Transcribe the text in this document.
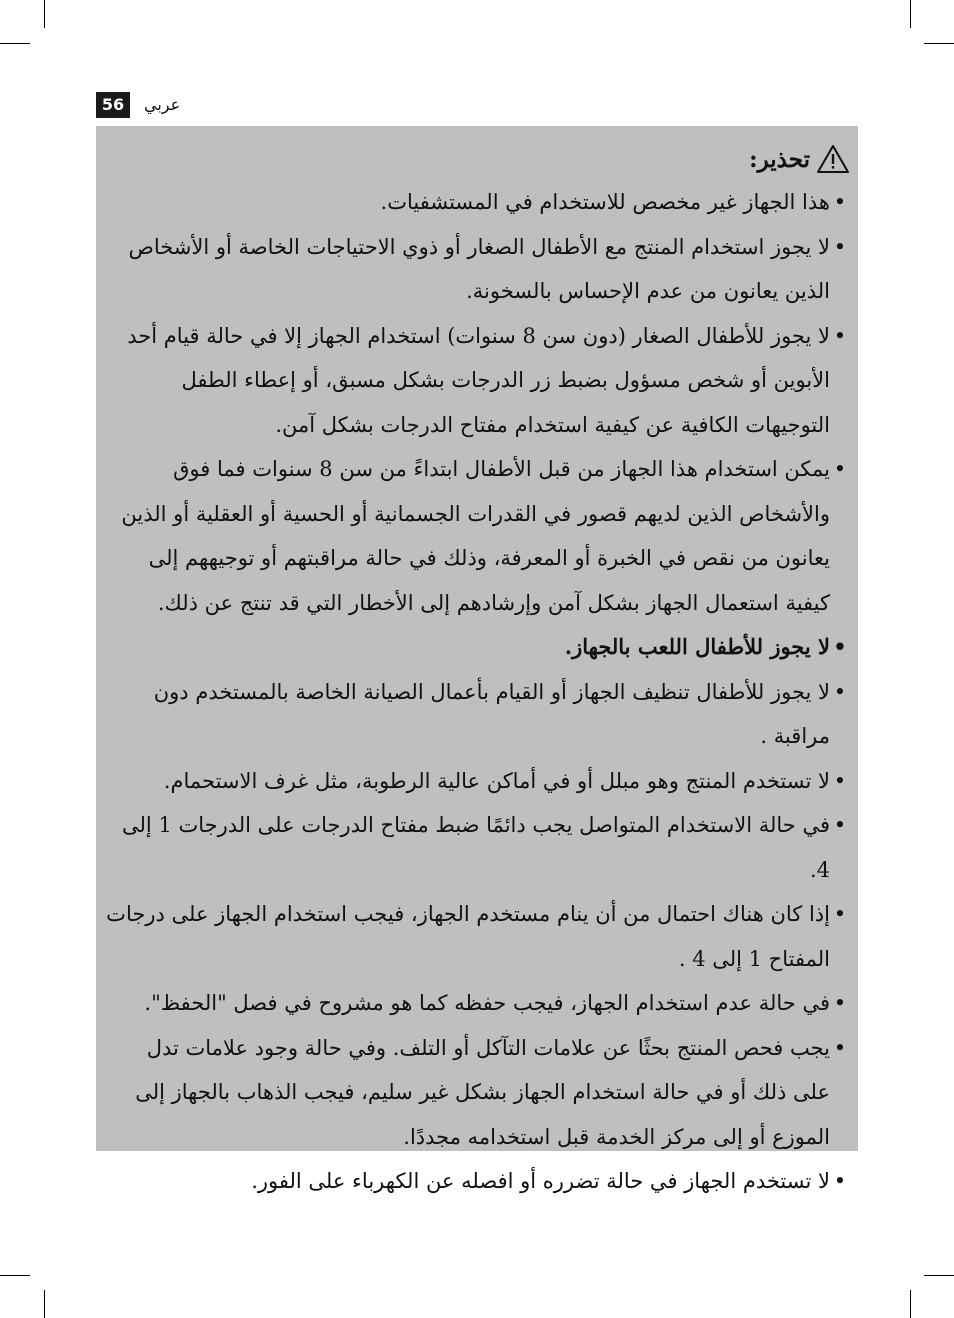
56	عربي
تحذير:
•
هذا الجهاز غير مخصص للاستخدام في المستشفيات.
•
لا يجوز استخدام المنتج مع الأطفال الصغار أو ذوي الاحتياجات الخاصة أو الأشخاص الذين يعانون من عدم الإحساس بالسخونة.
•
لا يجوز للأطفال الصغار (دون سن 8 سنوات) استخدام الجهاز إلا في حالة قيام أحد الأبوين أو شخص مسؤول بضبط زر الدرجات بشكل مسبق، أو إعطاء الطفل التوجيهات الكافية عن كيفية استخدام مفتاح الدرجات بشكل آمن.
•
يمكن استخدام هذا الجهاز من قبل الأطفال ابتداءً من سن 8 سنوات فما فوق والأشخاص الذين لديهم قصور في القدرات الجسمانية أو الحسية أو العقلية أو الذين يعانون من نقص في الخبرة أو المعرفة، وذلك في حالة مراقبتهم أو توجيههم إلى كيفية استعمال الجهاز بشكل آمن وإرشادهم إلى الأخطار التي قد تنتج عن ذلك.
•
لا يجوز للأطفال اللعب بالجهاز.
•
لا يجوز للأطفال تنظيف الجهاز أو القيام بأعمال الصيانة الخاصة بالمستخدم دون مراقبة .
•
لا تستخدم المنتج وهو مبلل أو في أماكن عالية الرطوبة، مثل غرف الاستحمام.
•
في حالة الاستخدام المتواصل يجب دائمًا ضبط مفتاح الدرجات على الدرجات 1 إلى 4.
•
إذا كان هناك احتمال من أن ينام مستخدم الجهاز، فيجب استخدام الجهاز على درجات المفتاح 1 إلى 4 .
•
في حالة عدم استخدام الجهاز، فيجب حفظه كما هو مشروح في فصل "الحفظ".
•
يجب فحص المنتج بحثًا عن علامات التآكل أو التلف. وفي حالة وجود علامات تدل على ذلك أو في حالة استخدام الجهاز بشكل غير سليم، فيجب الذهاب بالجهاز إلى الموزع أو إلى مركز الخدمة قبل استخدامه مجددًا.
•
لا تستخدم الجهاز في حالة تضرره أو افصله عن الكهرباء على الفور.
